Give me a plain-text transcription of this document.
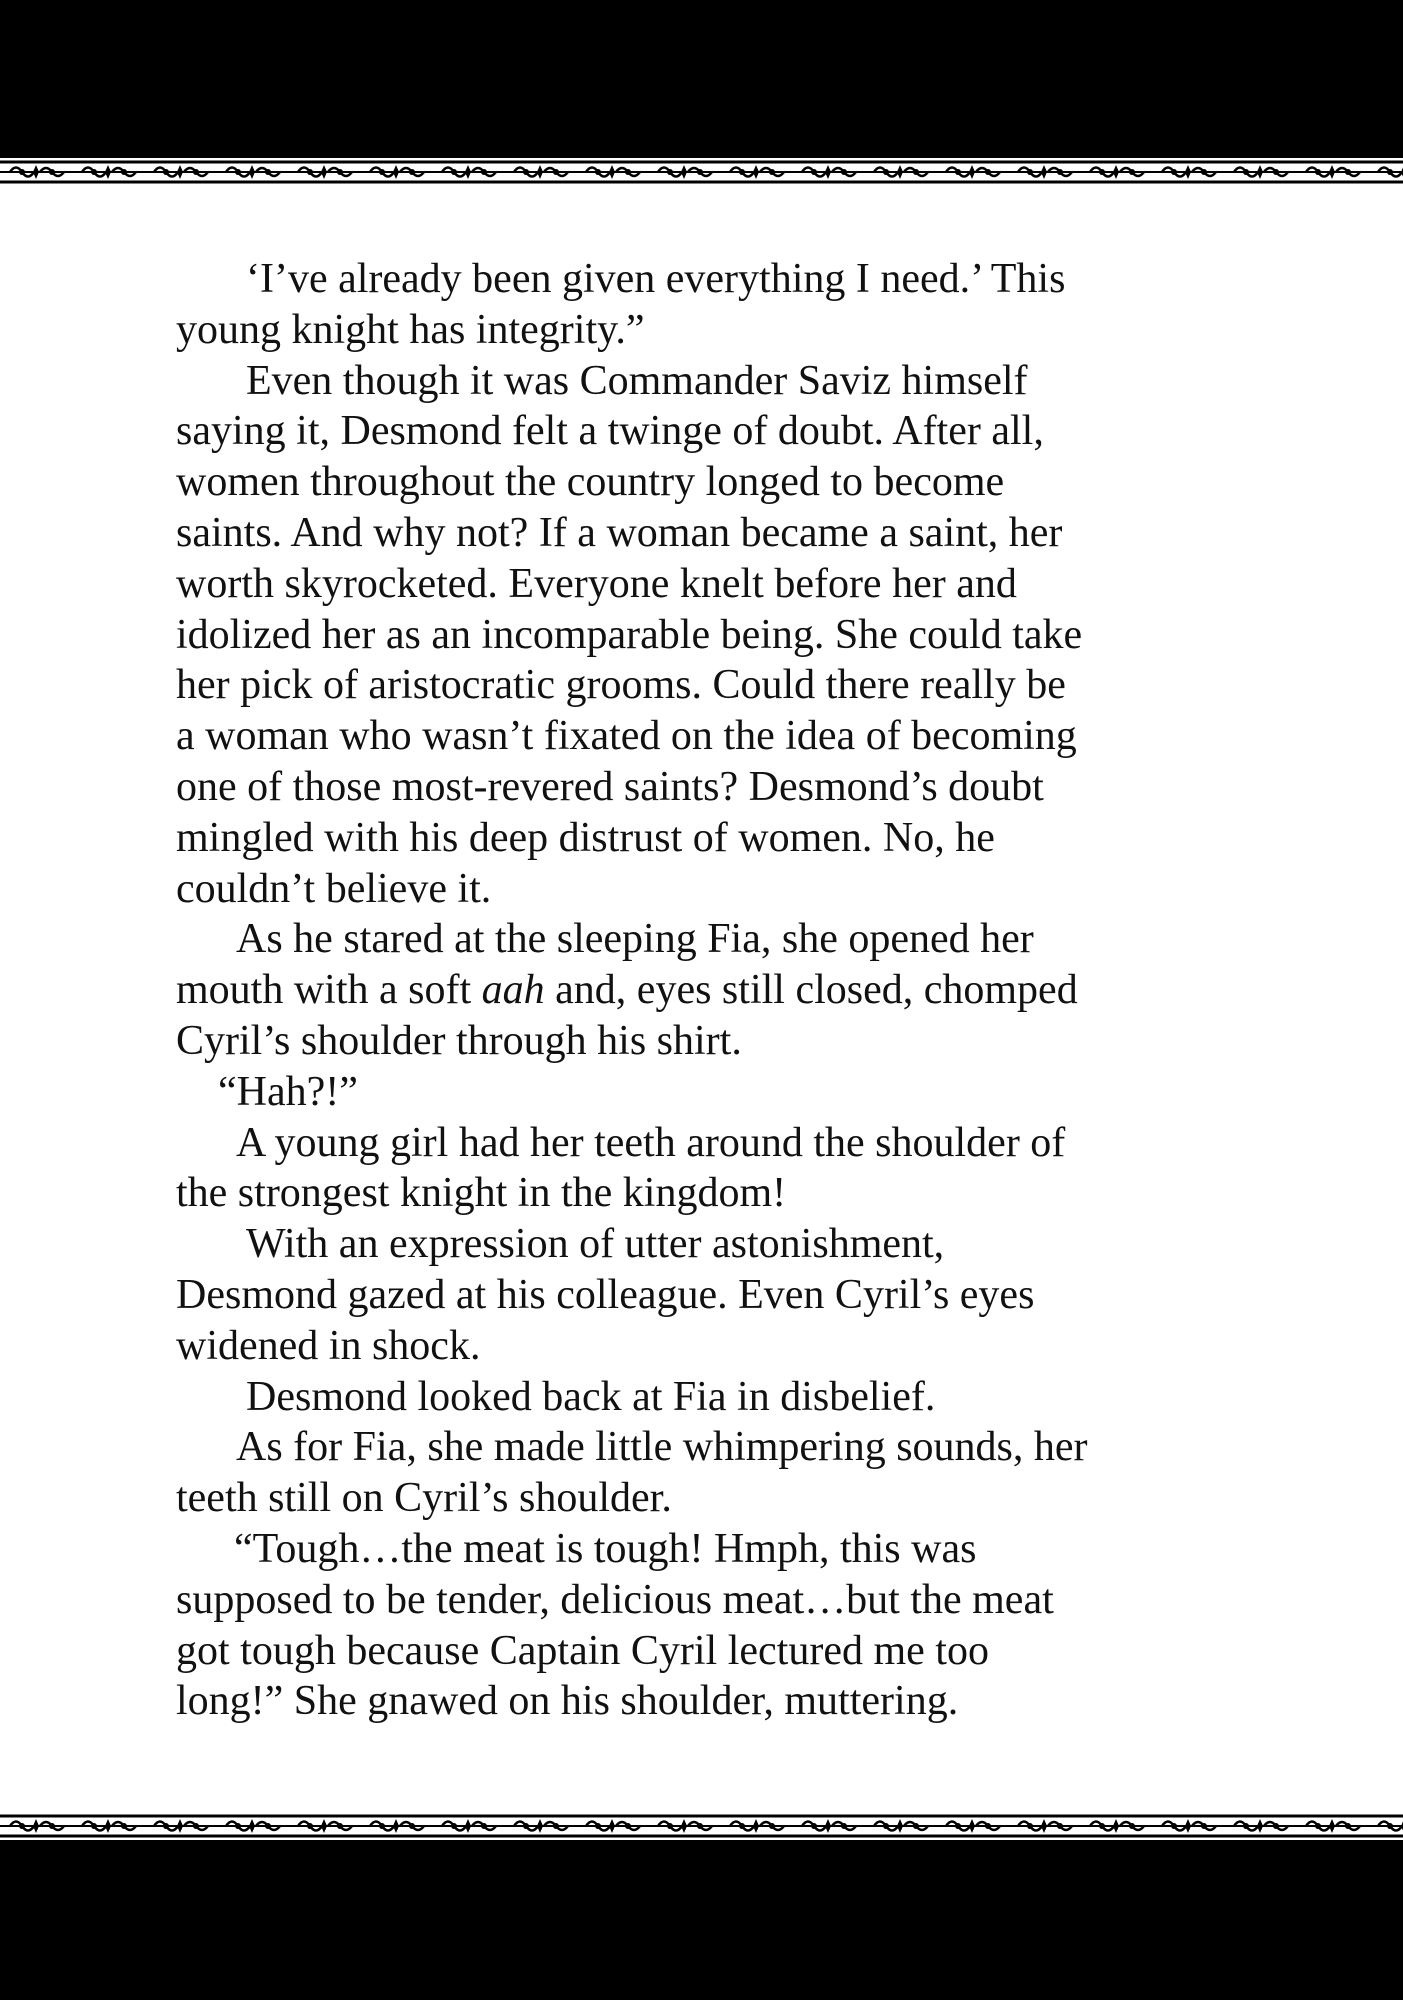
‘I’ve already been given everything I need.’ This
young knight has integrity.”
Even though it was Commander Saviz himself
saying it, Desmond felt a twinge of doubt. After all,
women throughout the country longed to become
saints. And why not? If a woman became a saint, her
worth skyrocketed. Everyone knelt before her and
idolized her as an incomparable being. She could take
her pick of aristocratic grooms. Could there really be
a woman who wasn’t fixated on the idea of becoming
one of those most-revered saints? Desmond’s doubt
mingled with his deep distrust of women. No, he
couldn’t believe it.
As he stared at the sleeping Fia, she opened her
mouth with a soft aah and, eyes still closed, chomped
Cyril’s shoulder through his shirt.
“Hah?!”
A young girl had her teeth around the shoulder of
the strongest knight in the kingdom!
With an expression of utter astonishment,
Desmond gazed at his colleague. Even Cyril’s eyes
widened in shock.
Desmond looked back at Fia in disbelief.
As for Fia, she made little whimpering sounds, her
teeth still on Cyril’s shoulder.
“Tough…the meat is tough! Hmph, this was
supposed to be tender, delicious meat…but the meat
got tough because Captain Cyril lectured me too
long!” She gnawed on his shoulder, muttering.
